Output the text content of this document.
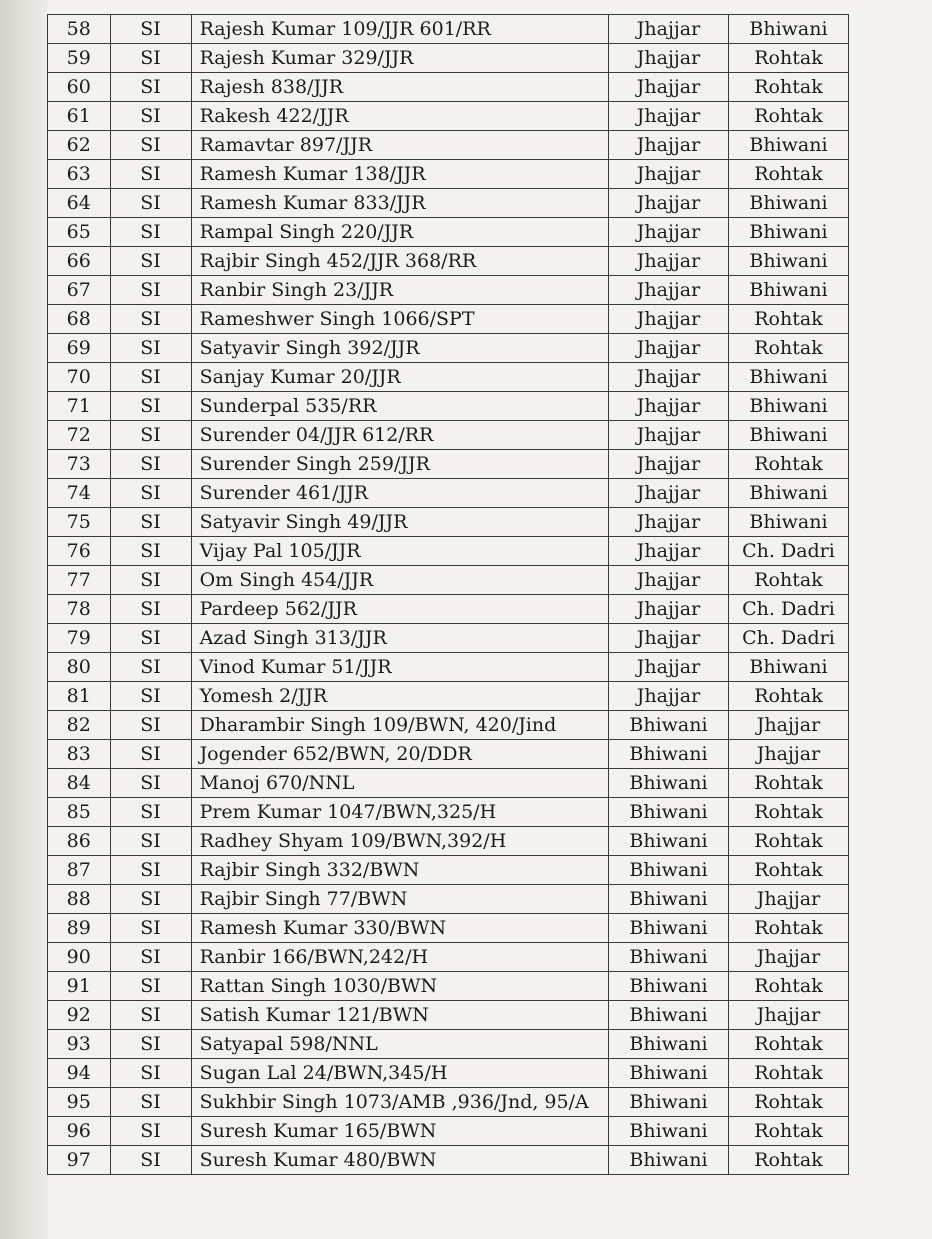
58	SI	Rajesh Kumar 109/JJR 601/RR	Jhajjar	Bhiwani
59	SI	Rajesh Kumar 329/JJR	Jhajjar	Rohtak
60	SI	Rajesh 838/JJR	Jhajjar	Rohtak
61	SI	Rakesh 422/JJR	Jhajjar	Rohtak
62	SI	Ramavtar 897/JJR	Jhajjar	Bhiwani
63	SI	Ramesh Kumar 138/JJR	Jhajjar	Rohtak
64	SI	Ramesh Kumar 833/JJR	Jhajjar	Bhiwani
65	SI	Rampal Singh 220/JJR	Jhajjar	Bhiwani
66	SI	Rajbir Singh 452/JJR 368/RR	Jhajjar	Bhiwani
67	SI	Ranbir Singh 23/JJR	Jhajjar	Bhiwani
68	SI	Rameshwer Singh 1066/SPT	Jhajjar	Rohtak
69	SI	Satyavir Singh 392/JJR	Jhajjar	Rohtak
70	SI	Sanjay Kumar 20/JJR	Jhajjar	Bhiwani
71	SI	Sunderpal 535/RR	Jhajjar	Bhiwani
72	SI	Surender 04/JJR 612/RR	Jhajjar	Bhiwani
73	SI	Surender Singh 259/JJR	Jhajjar	Rohtak
74	SI	Surender 461/JJR	Jhajjar	Bhiwani
75	SI	Satyavir Singh 49/JJR	Jhajjar	Bhiwani
76	SI	Vijay Pal 105/JJR	Jhajjar	Ch. Dadri
77	SI	Om Singh 454/JJR	Jhajjar	Rohtak
78	SI	Pardeep 562/JJR	Jhajjar	Ch. Dadri
79	SI	Azad Singh 313/JJR	Jhajjar	Ch. Dadri
80	SI	Vinod Kumar 51/JJR	Jhajjar	Bhiwani
81	SI	Yomesh 2/JJR	Jhajjar	Rohtak
82	SI	Dharambir Singh 109/BWN, 420/Jind	Bhiwani	Jhajjar
83	SI	Jogender 652/BWN, 20/DDR	Bhiwani	Jhajjar
84	SI	Manoj 670/NNL	Bhiwani	Rohtak
85	SI	Prem Kumar 1047/BWN,325/H	Bhiwani	Rohtak
86	SI	Radhey Shyam 109/BWN,392/H	Bhiwani	Rohtak
87	SI	Rajbir Singh 332/BWN	Bhiwani	Rohtak
88	SI	Rajbir Singh 77/BWN	Bhiwani	Jhajjar
89	SI	Ramesh Kumar 330/BWN	Bhiwani	Rohtak
90	SI	Ranbir 166/BWN,242/H	Bhiwani	Jhajjar
91	SI	Rattan Singh 1030/BWN	Bhiwani	Rohtak
92	SI	Satish Kumar 121/BWN	Bhiwani	Jhajjar
93	SI	Satyapal 598/NNL	Bhiwani	Rohtak
94	SI	Sugan Lal 24/BWN,345/H	Bhiwani	Rohtak
95	SI	Sukhbir Singh 1073/AMB ,936/Jnd, 95/A	Bhiwani	Rohtak
96	SI	Suresh Kumar 165/BWN	Bhiwani	Rohtak
97	SI	Suresh Kumar 480/BWN	Bhiwani	Rohtak
